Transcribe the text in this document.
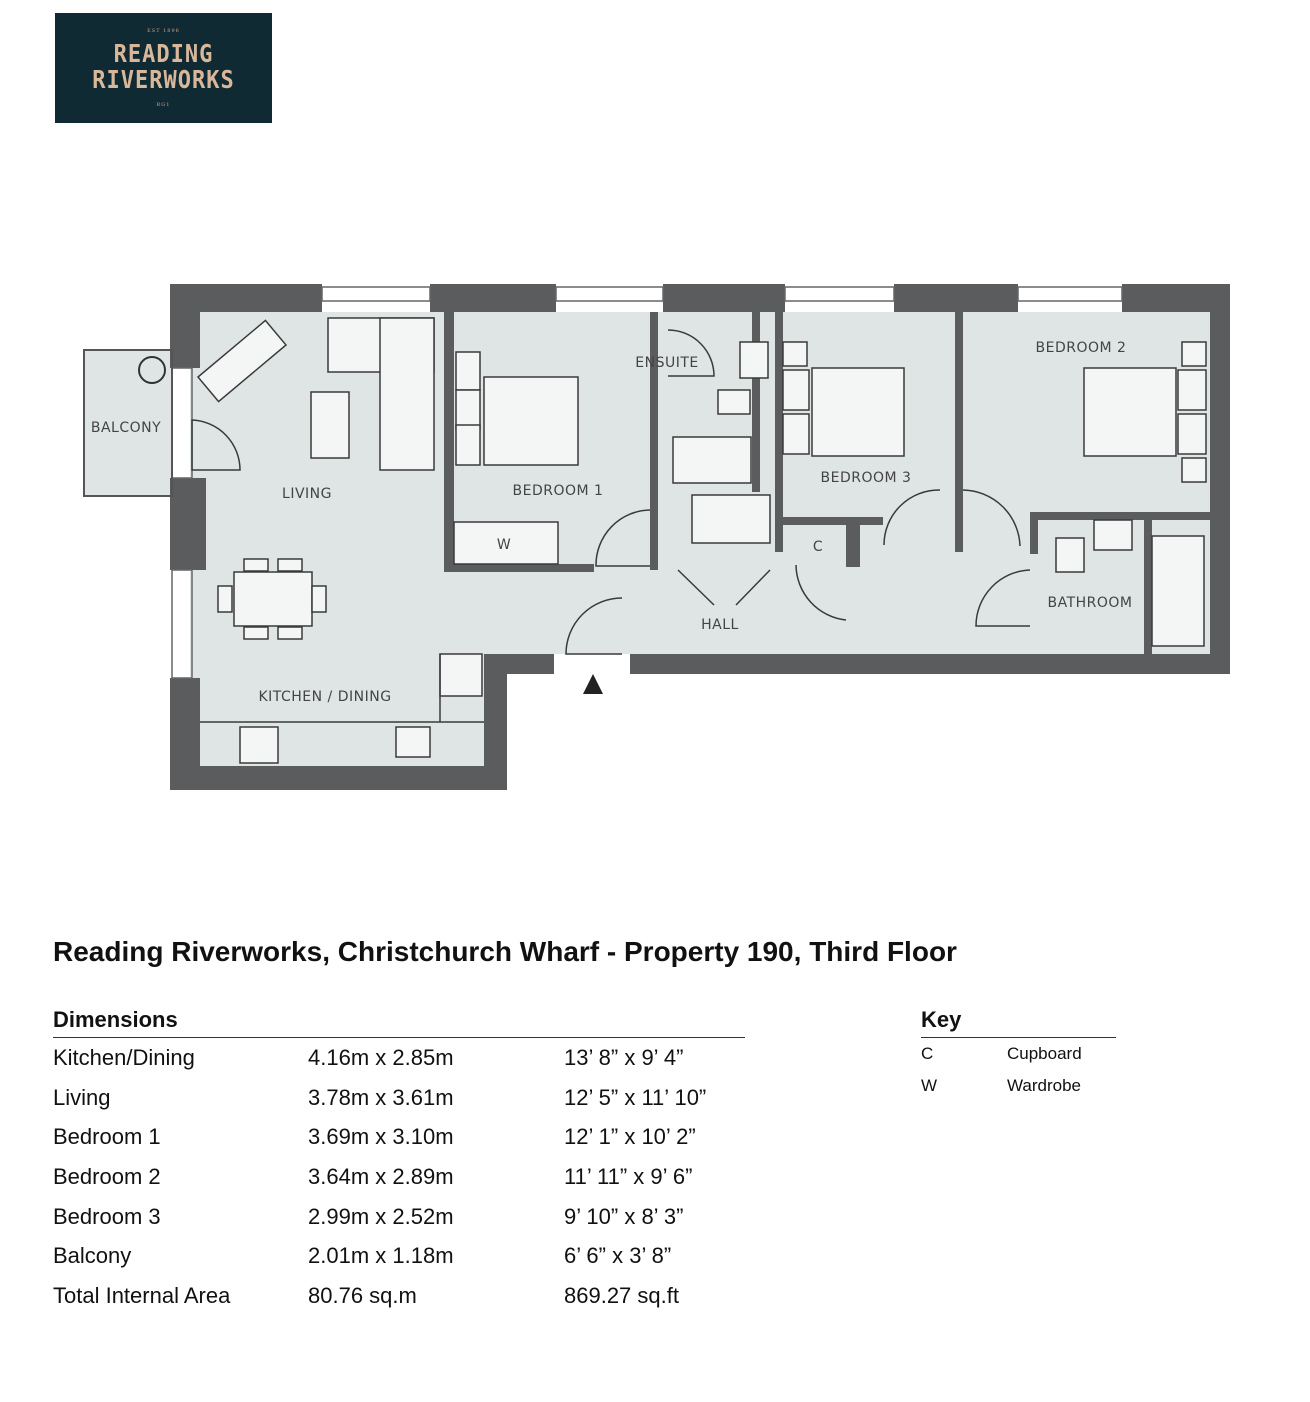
EST 1896
READING
RIVERWORKS
RG1
BALCONY
LIVING
KITCHEN / DINING
BEDROOM 1
ENSUITE
W
HALL
C
BEDROOM 3
BEDROOM 2
BATHROOM
Reading Riverworks, Christchurch Wharf - Property 190, Third Floor
Dimensions
Kitchen/Dining	4.16m x 2.85m	13’ 8” x 9’ 4”
Living	3.78m x 3.61m	12’ 5” x 11’ 10”
Bedroom 1	3.69m x 3.10m	12’ 1” x 10’ 2”
Bedroom 2	3.64m x 2.89m	11’ 11” x 9’ 6”
Bedroom 3	2.99m x 2.52m	9’ 10” x 8’ 3”
Balcony	2.01m x 1.18m	6’ 6” x 3’ 8”
Total Internal Area	80.76 sq.m	869.27 sq.ft
Key
C	Cupboard
W	Wardrobe
